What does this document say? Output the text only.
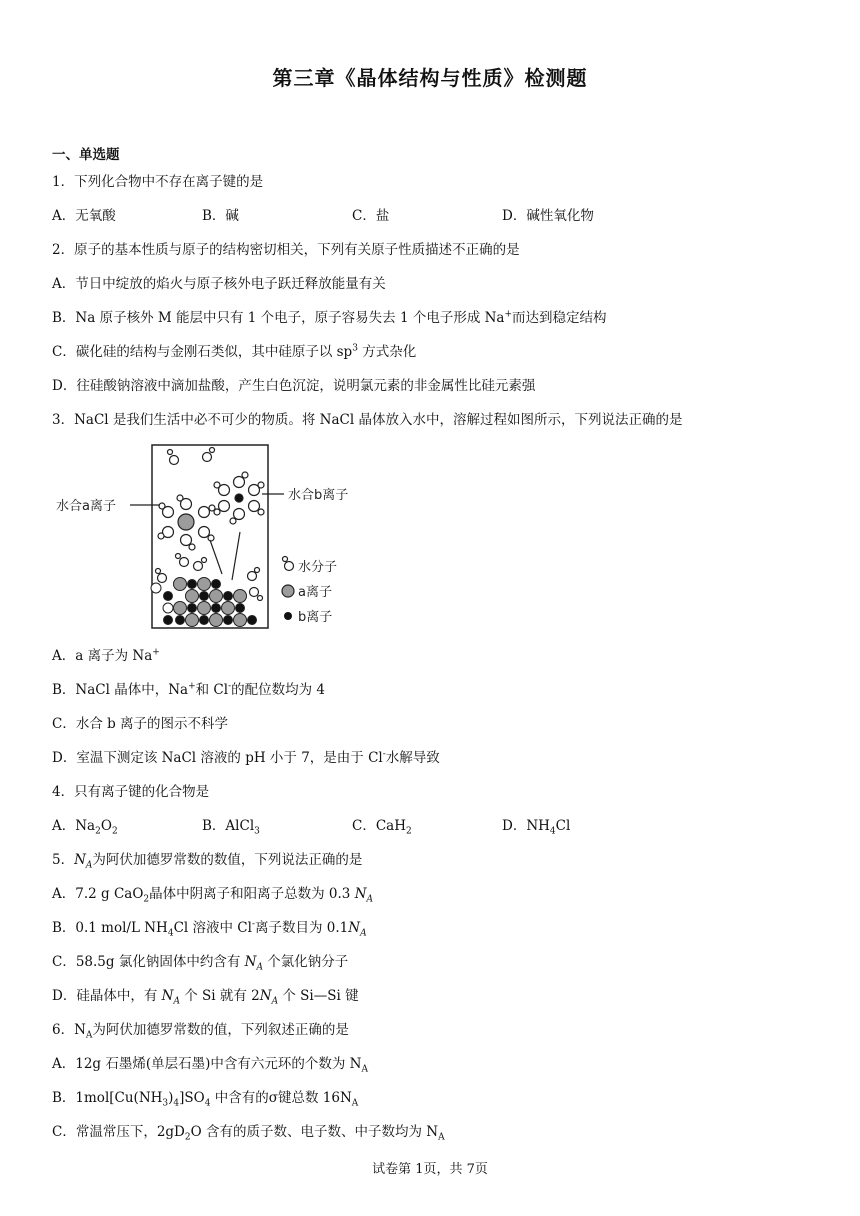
第三章《晶体结构与性质》检测题
一、单选题
1．下列化合物中不存在离子键的是
A．无氧酸	B．碱	C．盐	D．碱性氧化物
2．原子的基本性质与原子的结构密切相关，下列有关原子性质描述不正确的是
A．节日中绽放的焰火与原子核外电子跃迁释放能量有关
B．Na 原子核外 M 能层中只有 1 个电子，原子容易失去 1 个电子形成 Na+而达到稳定结构
C．碳化硅的结构与金刚石类似，其中硅原子以 $sp^3$ 方式杂化
D．往硅酸钠溶液中滴加盐酸，产生白色沉淀，说明氯元素的非金属性比硅元素强
3．NaCl 是我们生活中必不可少的物质。将 NaCl 晶体放入水中，溶解过程如图所示，下列说法正确的是
水合a离子
水合b离子
水分子
a离子
b离子
A．a 离子为 Na+
B．NaCl 晶体中，Na+和 Cl-的配位数均为 4
C．水合 b 离子的图示不科学
D．室温下测定该 NaCl 溶液的 pH 小于 7，是由于 Cl-水解导致
4．只有离子键的化合物是
A．$Na_2O_2$	B．AlCl$_3$	C．CaH$_2$	D．$NH_4Cl$
5．$N_A$为阿伏加德罗常数的数值，下列说法正确的是
A．7.2 g CaO$_2$晶体中阴离子和阳离子总数为 0.3 $N_A$
B．0.1 mol/L $NH_4Cl$ 溶液中 Cl-离子数目为 $0.1N_A$
C．58.5g 氯化钠固体中约含有 $N_A$ 个氯化钠分子
D．硅晶体中，有 $N_A$ 个 Si 就有 $2N_A$ 个 Si—Si 键
6．$N_A$为阿伏加德罗常数的值，下列叙述正确的是
A．12g 石墨烯(单层石墨)中含有六元环的个数为 $N_A$
B．$1mol[Cu(NH_3)_4]SO_4$ 中含有的σ键总数 $16N_A$
C．常温常压下，$2gD_2O$ 含有的质子数、电子数、中子数均为 $N_A$
试卷第 1页，共 7页
